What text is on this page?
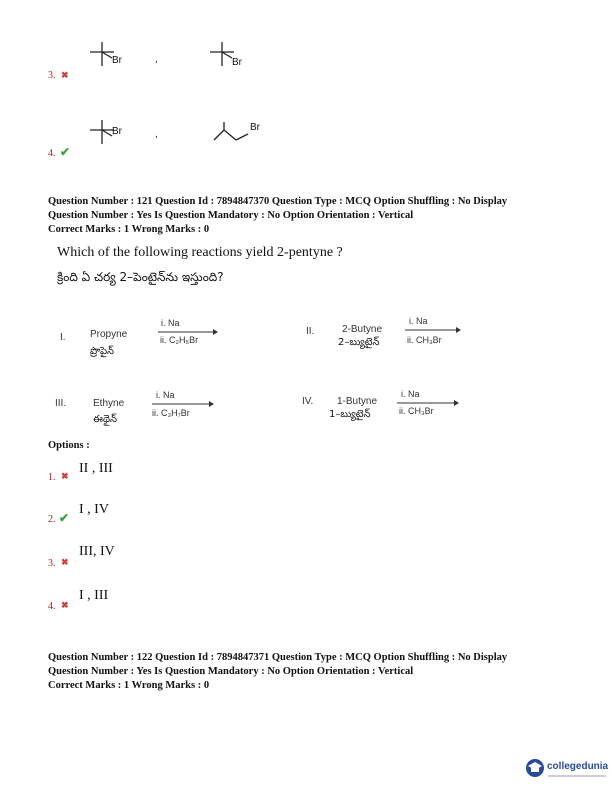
Br	,	Br
3. ✖
Br	,
Br
4. ✔
Question Number : 121 Question Id : 7894847370 Question Type : MCQ Option Shuffling : No Display
Question Number : Yes Is Question Mandatory : No Option Orientation : Vertical
Correct Marks : 1 Wrong Marks : 0
Which of the following reactions yield 2-pentyne ?
క్రింది ఏ చర్య 2–పెంటైన్‌ను ఇస్తుంది?
I. Propyne
ప్రొపైన్
i. Na
ii. C₂H₅Br
II.	2-Butyne
2–బ్యుటైన్
i. Na
ii. CH₃Br
III.	Ethyne
ఈథైన్
i. Na
ii. C₃H₇Br
IV. 1-Butyne
1–బ్యుటైన్
i. Na
ii. CH₃Br
Options :
1. ✖ II , III
2. ✔
I , IV
3. ✖
III, IV
4. ✖
I , III
Question Number : 122 Question Id : 7894847371 Question Type : MCQ Option Shuffling : No Display
Question Number : Yes Is Question Mandatory : No Option Orientation : Vertical
Correct Marks : 1 Wrong Marks : 0
collegedunia
